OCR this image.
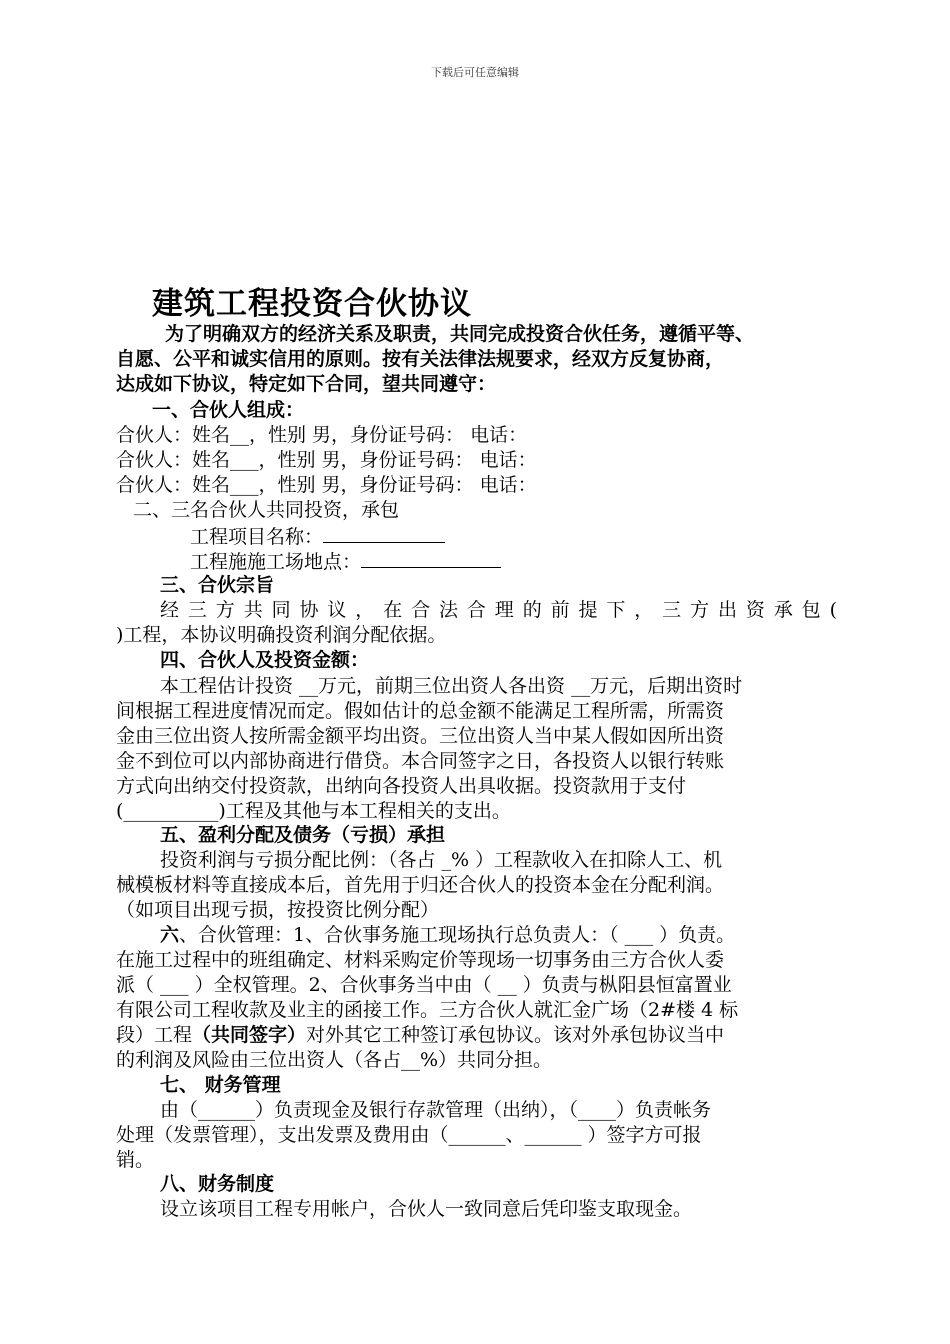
下载后可任意编辑
建筑工程投资合伙协议
为了明确双方的经济关系及职责，共同完成投资合伙任务，遵循平等、
自愿、公平和诚实信用的原则。按有关法律法规要求，经双方反复协商，
达成如下协议，特定如下合同，望共同遵守：
一、合伙人组成：
合伙人：姓名__，性别 男，身份证号码： 电话：
合伙人：姓名___，性别 男，身份证号码： 电话：
合伙人：姓名___，性别 男，身份证号码： 电话：
二、三名合伙人共同投资，承包
工程项目名称：
工程施施工场地点：
三、合伙宗旨
经三方共同协议，在合法合理的前提下，三方出资承包(
)工程，本协议明确投资利润分配依据。
四、合伙人及投资金额：
本工程估计投资 __万元，前期三位出资人各出资 __万元，后期出资时
间根据工程进度情况而定。假如估计的总金额不能满足工程所需，所需资
金由三位出资人按所需金额平均出资。三位出资人当中某人假如因所出资
金不到位可以内部协商进行借贷。本合同签字之日，各投资人以银行转账
方式向出纳交付投资款，出纳向各投资人出具收据。投资款用于支付
(__________)工程及其他与本工程相关的支出。
五、盈利分配及债务（亏损）承担
投资利润与亏损分配比例：（各占 _% ）工程款收入在扣除人工、机
械模板材料等直接成本后，首先用于归还合伙人的投资本金在分配利润。
（如项目出现亏损，按投资比例分配）
六、合伙管理：1、合伙事务施工现场执行总负责人：（ ___ ）负责。
在施工过程中的班组确定、材料采购定价等现场一切事务由三方合伙人委
派（ ___ ）全权管理。2、合伙事务当中由（ __ ）负责与枞阳县恒富置业
有限公司工程收款及业主的函接工作。三方合伙人就汇金广场（2#楼 4 标
段）工程（共同签字）对外其它工种签订承包协议。该对外承包协议当中
的利润及风险由三位出资人（各占__%）共同分担。
七、 财务管理
由（______）负责现金及银行存款管理（出纳），（____）负责帐务
处理（发票管理），支出发票及费用由（______、______ ）签字方可报
销。
八、财务制度
设立该项目工程专用帐户，合伙人一致同意后凭印鉴支取现金。
